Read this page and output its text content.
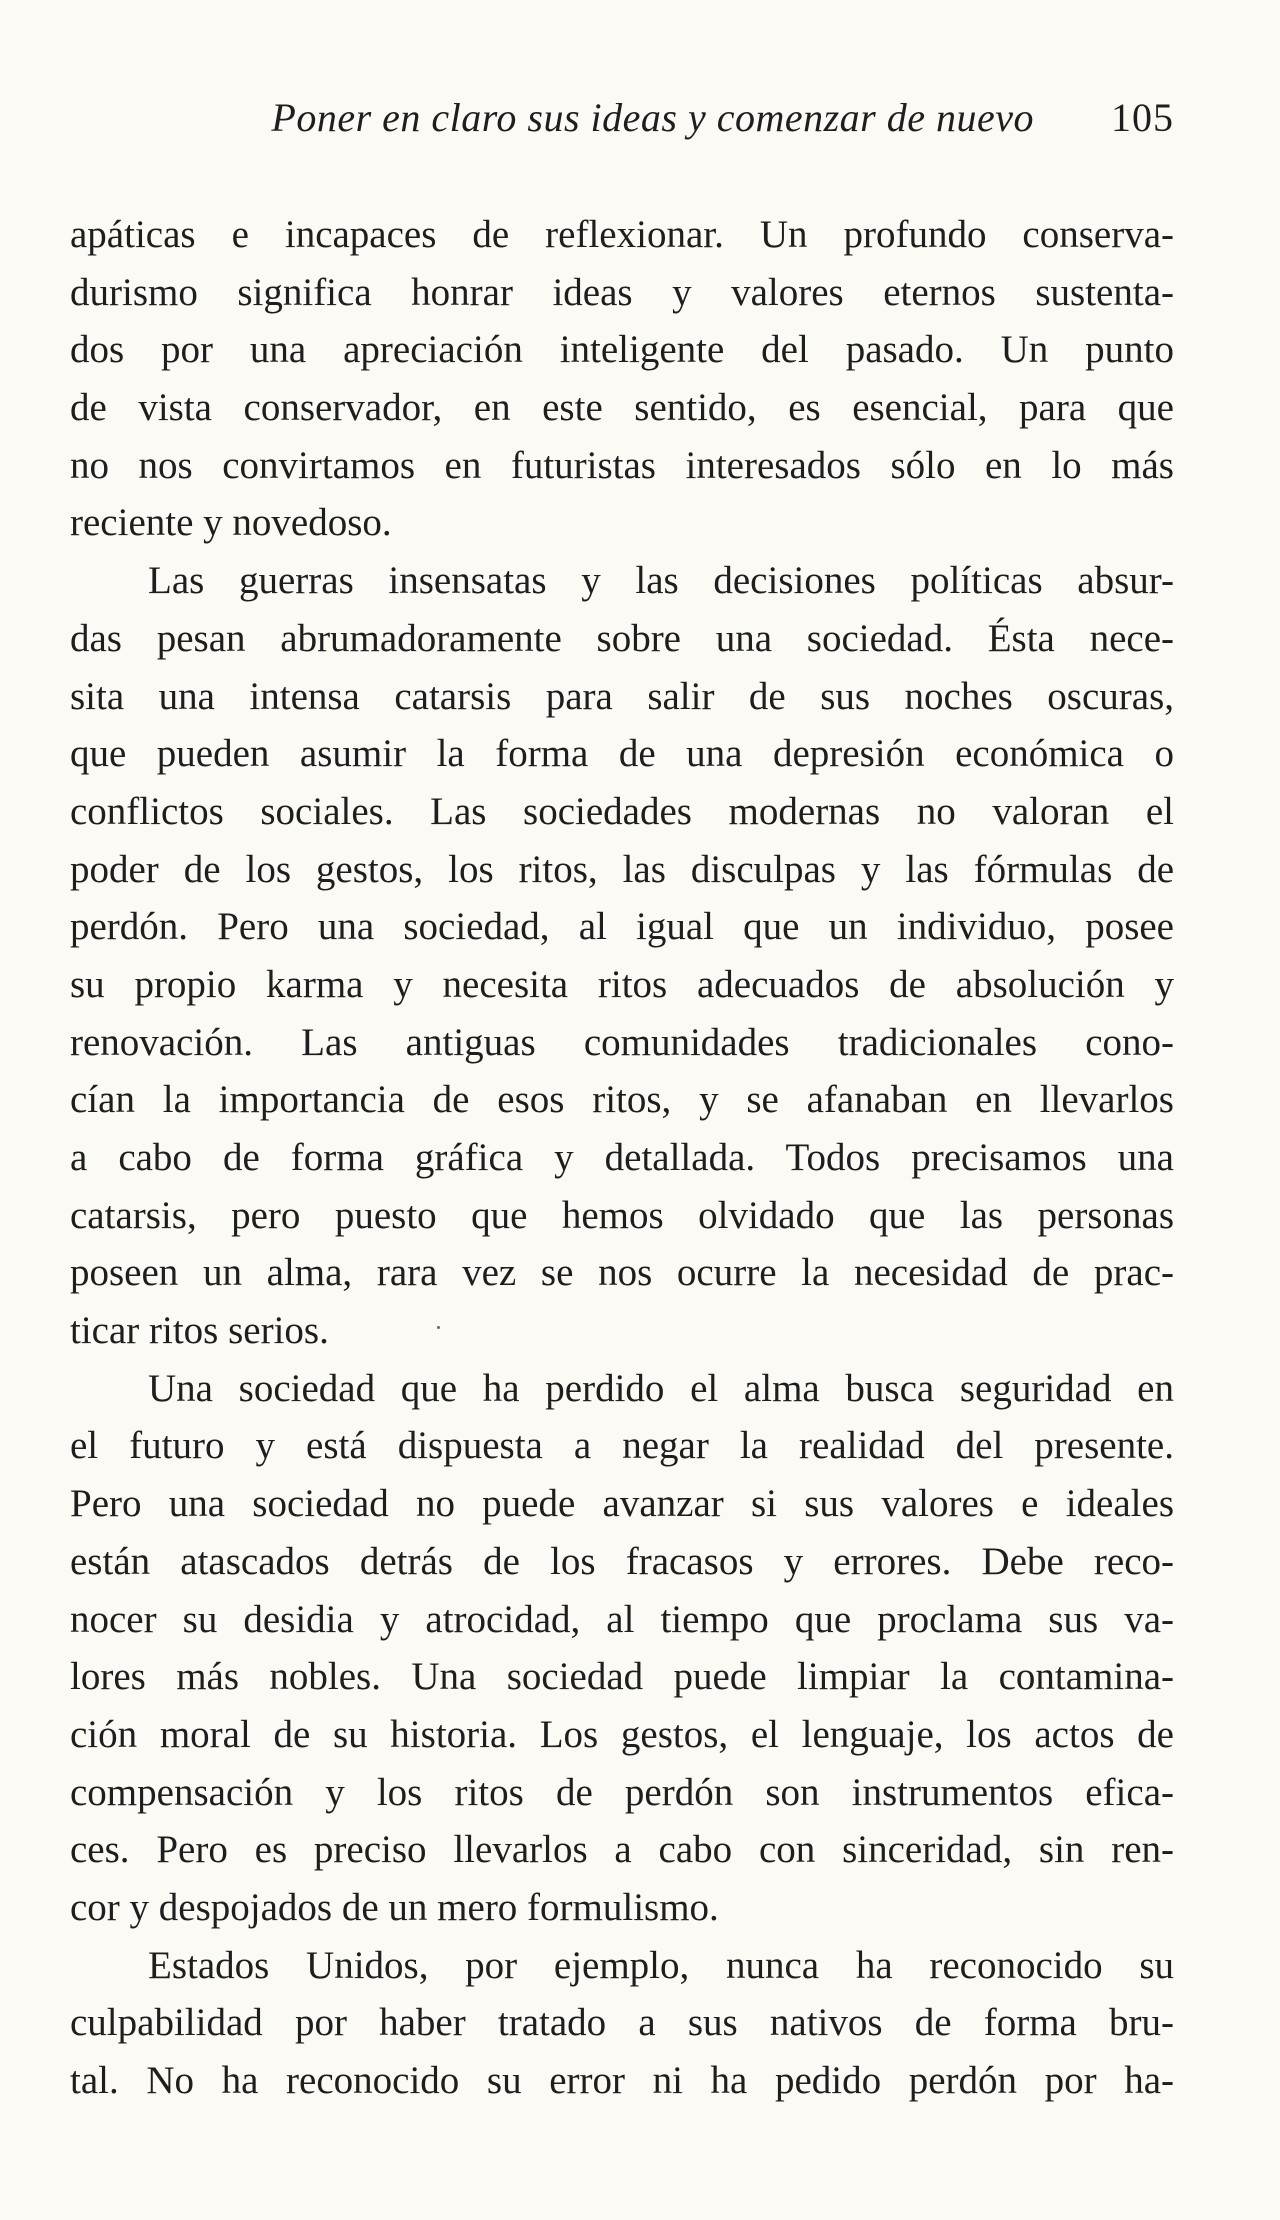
Poner en claro sus ideas y comenzar de nuevo 105
apáticas e incapaces de reflexionar. Un profundo conserva-
durismo significa honrar ideas y valores eternos sustenta-
dos por una apreciación inteligente del pasado. Un punto
de vista conservador, en este sentido, es esencial, para que
no nos convirtamos en futuristas interesados sólo en lo más
reciente y novedoso.
Las guerras insensatas y las decisiones políticas absur-
das pesan abrumadoramente sobre una sociedad. Ésta nece-
sita una intensa catarsis para salir de sus noches oscuras,
que pueden asumir la forma de una depresión económica o
conflictos sociales. Las sociedades modernas no valoran el
poder de los gestos, los ritos, las disculpas y las fórmulas de
perdón. Pero una sociedad, al igual que un individuo, posee
su propio karma y necesita ritos adecuados de absolución y
renovación. Las antiguas comunidades tradicionales cono-
cían la importancia de esos ritos, y se afanaban en llevarlos
a cabo de forma gráfica y detallada. Todos precisamos una
catarsis, pero puesto que hemos olvidado que las personas
poseen un alma, rara vez se nos ocurre la necesidad de prac-
ticar ritos serios.
Una sociedad que ha perdido el alma busca seguridad en
el futuro y está dispuesta a negar la realidad del presente.
Pero una sociedad no puede avanzar si sus valores e ideales
están atascados detrás de los fracasos y errores. Debe reco-
nocer su desidia y atrocidad, al tiempo que proclama sus va-
lores más nobles. Una sociedad puede limpiar la contamina-
ción moral de su historia. Los gestos, el lenguaje, los actos de
compensación y los ritos de perdón son instrumentos efica-
ces. Pero es preciso llevarlos a cabo con sinceridad, sin ren-
cor y despojados de un mero formulismo.
Estados Unidos, por ejemplo, nunca ha reconocido su
culpabilidad por haber tratado a sus nativos de forma bru-
tal. No ha reconocido su error ni ha pedido perdón por ha-
